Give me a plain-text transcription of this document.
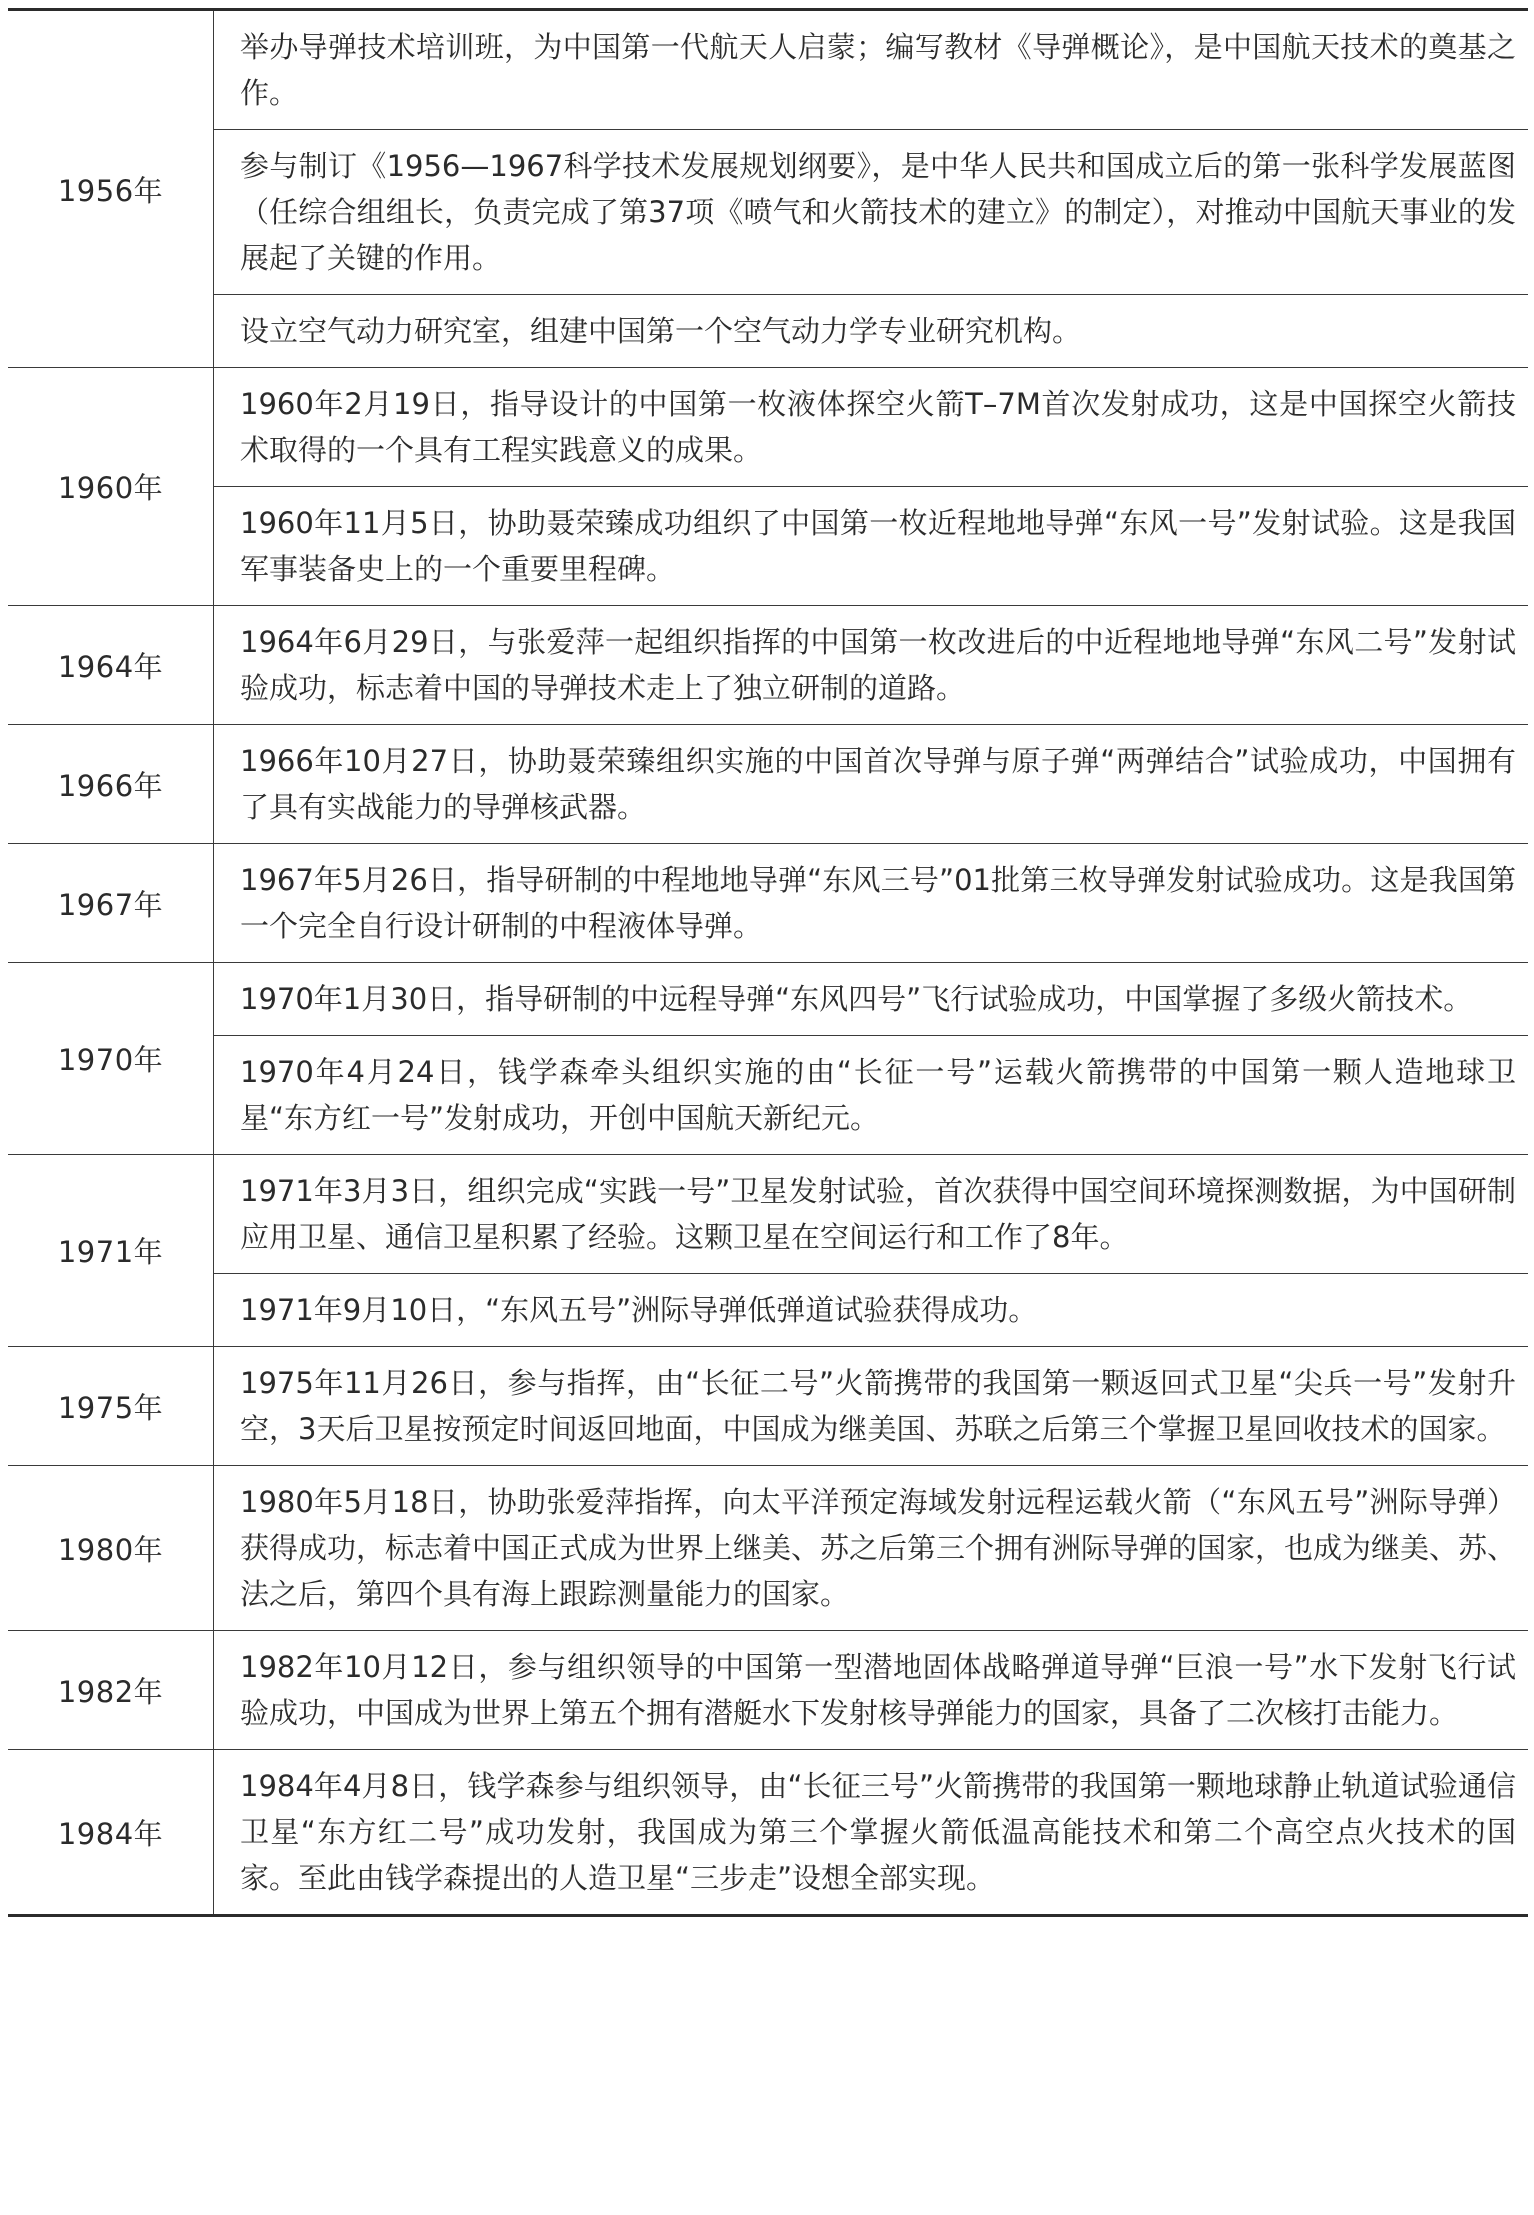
1956年	举办导弹技术培训班，为中国第一代航天人启蒙；编写教材《导弹概论》，是中国航天技术的奠基之作。
	参与制订《1956—1967科学技术发展规划纲要》，是中华人民共和国成立后的第一张科学发展蓝图（任综合组组长，负责完成了第37项《喷气和火箭技术的建立》的制定），对推动中国航天事业的发展起了关键的作用。
	设立空气动力研究室，组建中国第一个空气动力学专业研究机构。
1960年	1960年2月19日，指导设计的中国第一枚液体探空火箭T–7M首次发射成功，这是中国探空火箭技术取得的一个具有工程实践意义的成果。
	1960年11月5日，协助聂荣臻成功组织了中国第一枚近程地地导弹“东风一号”发射试验。这是我国军事装备史上的一个重要里程碑。
1964年	1964年6月29日，与张爱萍一起组织指挥的中国第一枚改进后的中近程地地导弹“东风二号”发射试验成功，标志着中国的导弹技术走上了独立研制的道路。
1966年	1966年10月27日，协助聂荣臻组织实施的中国首次导弹与原子弹“两弹结合”试验成功，中国拥有了具有实战能力的导弹核武器。
1967年	1967年5月26日，指导研制的中程地地导弹“东风三号”01批第三枚导弹发射试验成功。这是我国第一个完全自行设计研制的中程液体导弹。
1970年	1970年1月30日，指导研制的中远程导弹“东风四号”飞行试验成功，中国掌握了多级火箭技术。
	1970年4月24日，钱学森牵头组织实施的由“长征一号”运载火箭携带的中国第一颗人造地球卫星“东方红一号”发射成功，开创中国航天新纪元。
1971年	1971年3月3日，组织完成“实践一号”卫星发射试验，首次获得中国空间环境探测数据，为中国研制应用卫星、通信卫星积累了经验。这颗卫星在空间运行和工作了8年。
	1971年9月10日，“东风五号”洲际导弹低弹道试验获得成功。
1975年	1975年11月26日，参与指挥，由“长征二号”火箭携带的我国第一颗返回式卫星“尖兵一号”发射升空，3天后卫星按预定时间返回地面，中国成为继美国、苏联之后第三个掌握卫星回收技术的国家。
1980年	1980年5月18日，协助张爱萍指挥，向太平洋预定海域发射远程运载火箭（“东风五号”洲际导弹）获得成功，标志着中国正式成为世界上继美、苏之后第三个拥有洲际导弹的国家，也成为继美、苏、法之后，第四个具有海上跟踪测量能力的国家。
1982年	1982年10月12日，参与组织领导的中国第一型潜地固体战略弹道导弹“巨浪一号”水下发射飞行试验成功，中国成为世界上第五个拥有潜艇水下发射核导弹能力的国家，具备了二次核打击能力。
1984年	1984年4月8日，钱学森参与组织领导，由“长征三号”火箭携带的我国第一颗地球静止轨道试验通信卫星“东方红二号”成功发射，我国成为第三个掌握火箭低温高能技术和第二个高空点火技术的国家。至此由钱学森提出的人造卫星“三步走”设想全部实现。
